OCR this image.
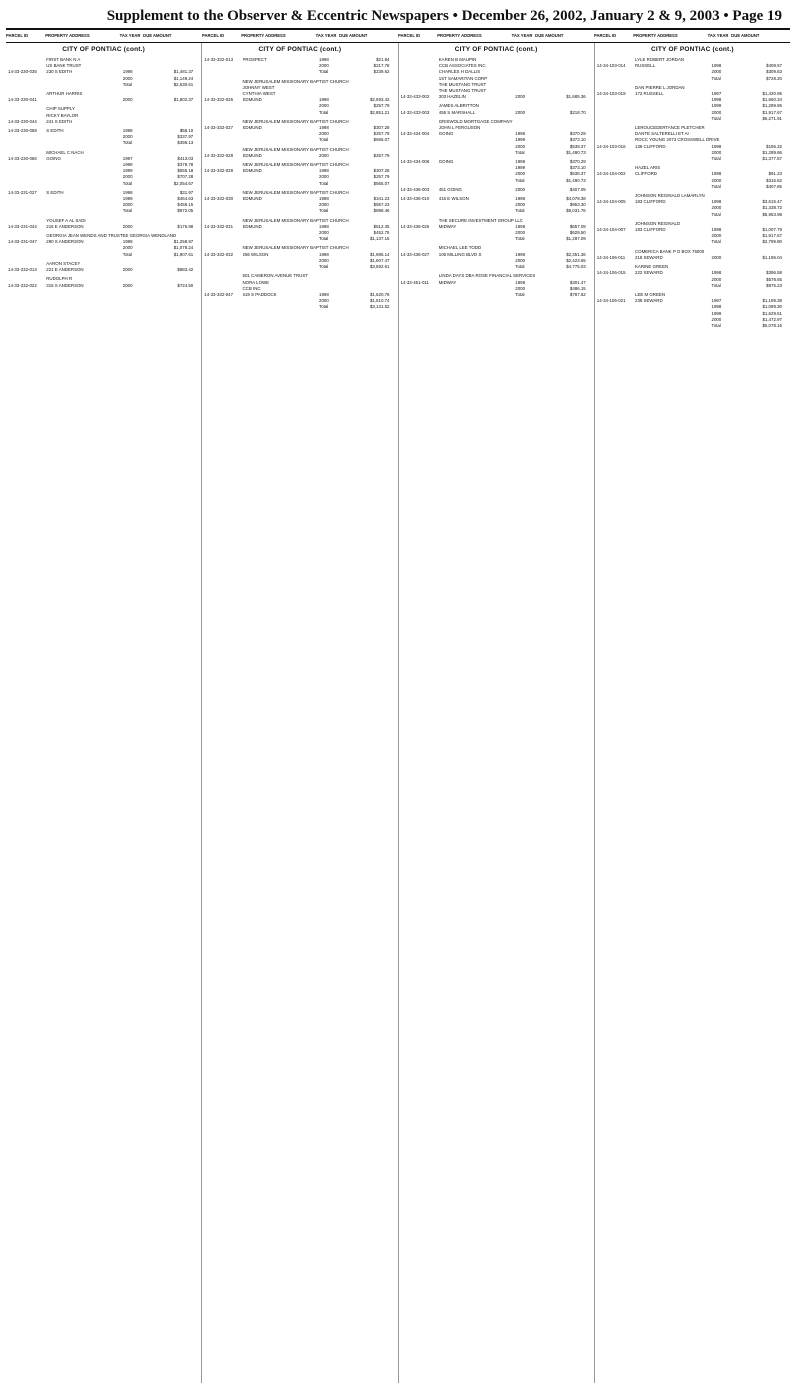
Supplement to the Observer & Eccentric Newspapers • December 26, 2002, January 2 & 9, 2003 • Page 19
PARCEL ID	PROPERTY ADDRESS	TAX YEAR DUE AMOUNT	PARCEL ID	PROPERTY ADDRESS	TAX YEAR DUE AMOUNT	PARCEL ID	PROPERTY ADDRESS	TAX YEAR DUE AMOUNT	PARCEL ID	PROPERTY ADDRESS	TAX YEAR DUE AMOUNT
CITY OF PONTIAC (cont.)
FIRST BANK N A
US BANK TRUST
14-33-230-035	230 S EDITH	1998	$1,481.37
2000	$1,149.24
Total	$2,630.61
ARTHUR HARRIS
14-33-230-041	2000	$1,802.37
CHIP SUPPLY
RICKY BAYLOR
14-33-230-044	241 S EDITH
14-33-230-058	S EDITH	1998	$58.10
2000	$337.97
Total	$396.13
MICHAEL C NACH
14-33-230-066	GOING	1997	$413.03
1998	$378.78
1999	$555.18
2000	$707.28
Total	$2,054.67
14-33-231-027	S EDITH	1998	$31.97
1999	$464.63
2000	$458.15
Total	$972.05
YOUSEF A AL SADI
14-33-231-044	216 E ANDERSON	2000	$176.98
GEORGIA JEAN WENDS AND TRUSTEE GEORGIA WENDLAND
14-33-231-047	290 S ANDERSON	1998	$1,258.97
2000	$1,078.24
Total	$1,907.61
AARON STACEY
14-33-232-014	221 E ANDERSON	2000	$883.42
RUDOLPH R
14-33-232-022	315 S ANDERSON	2000	$724.50
CITY OF PONTIAC (cont.)
14-33-332-013	PROSPECT	1998	$21.84
2000	$217.78
Total	$239.62
NEW JERUSALEM MISSIONARY BAPTIST CHURCH
JOHNNY WEST
CYNTHIA WEST
14-33-332-026	EDMUND	1998	$2,593.42
2000	$257.79
Total	$2,851.21
NEW JERUSALEM MISSIONARY BAPTIST CHURCH
14-33-332-027	EDMUND	1998	$307.28
2000	$257.79
Total	$565.07
NEW JERUSALEM MISSIONARY BAPTIST CHURCH
14-33-332-028	EDMUND	2000	$257.79
NEW JERUSALEM MISSIONARY BAPTIST CHURCH
14-33-332-029	EDMUND	1998	$307.28
2000	$257.79
Total	$565.07
NEW JERUSALEM MISSIONARY BAPTIST CHURCH
14-33-332-030	EDMUND	1998	$341.23
2000	$557.23
Total	$898.46
NEW JERUSALEM MISSIONARY BAPTIST CHURCH
14-33-332-031	EDMUND	1998	$512.35
2000	$452.75
Total	$1,137.15
NEW JERUSALEM MISSIONARY BAPTIST CHURCH
14-33-332-032	256 WILSON	1998	$1,985.14
2000	$1,607.47
Total	$3,592.61
501 CAMERON AVENUE TRUST
NORA LOWE
CCB INC
14-33-332-047	519 S PADDOCK	1998	$1,620.78
2000	$1,510.74
Total	$3,131.52
CITY OF PONTIAC (cont.)
KAREN B MAUPIN
CCB ASSOCIATES INC
CHARLES H DALLIS
1ST SAMARITAN CORP
THE MUSTANG TRUST
THE MUSTANG TRUST
14-33-433-002	303 HAZELIN	2000	$1,685.36
JAMES ALBRITTON
14-33-433-003	455 S MARSHALL	2000	$218.70
GRISWOLD MORTGAGE COMPANY
JOHN L FERGUSON
14-33-434-004	GOING	1998	$370.29
1999	$373.10
2000	$538.37
Total	$1,490.73
14-33-434-006	GOING	1998	$370.29
1999	$373.10
2000	$538.37
Total	$1,490.73
14-33-436-003	451 GOING	2000	$407.05
14-33-436-010	416 E WILSON	1998	$4,078.38
2000	$953.30
Total	$5,031.76
THE SECURE INVESTMENT GROUP LLC
14-33-436-026	MIDWAY	1998	$657.09
2000	$629.50
Total	$1,287.09
MICHAEL LEE TODD
14-33-436-027	106 MILLING BLVD S	1998	$2,351.36
2000	$2,423.65
Total	$4,775.03
LINDA DAYS DBA ROSE FINANCIAL SERVICES
14-33-451-011	MIDWAY	1998	$301.47
2000	$486.15
Total	$787.62
CITY OF PONTIAC (cont.)
LYLE ROBERT JORDAN
14-34-103-014	RUSSELL	1998	$408.57
2000	$309.63
Total	$728.20
DAN PIERRE L JORDAN
14-34-103-019	172 RUSSELL	1997	$1,420.95
1998	$1,660.34
1999	$1,289.86
2000	$1,917.67
Total	$6,271.91
LEROUCEDERTANCE PLETCHER
DANTE SALTERELLI ET AI
ROCC YOUNG 2073 CROSSWELL DRIVE
14-34-103-016	138 CLIFFORD	1998	$196.32
2000	$1,289.86
Total	$1,377.67
HAZEL ARIS
14-34-104-002	CLIFFORD	1998	$91.23
2000	$316.62
Total	$407.85
JOHNSON REGINALD LAMARLYN
14-34-104-005	183 CLIFFORD	1998	$3,615.47
2000	$1,338.72
Total	$5,953.98
JOHNSON REGINALD
14-34-104-007	183 CLIFFORD	1998	$1,007.79
2000	$1,917.67
Total	$2,799.80
COMERICA BANK P O BOX 75000
14-34-106-011	218 SEWARD	2000	$1,196.04
KARINE GREEN
14-34-106-015	222 SEWARD	1998	$396.58
2000	$578.65
Total	$975.23
LEE M GREEN
14-34-106-021	238 SEWARD	1997	$1,189.38
1998	$1,089.30
1999	$1,629.51
2000	$1,472.97
Total	$5,078.16
